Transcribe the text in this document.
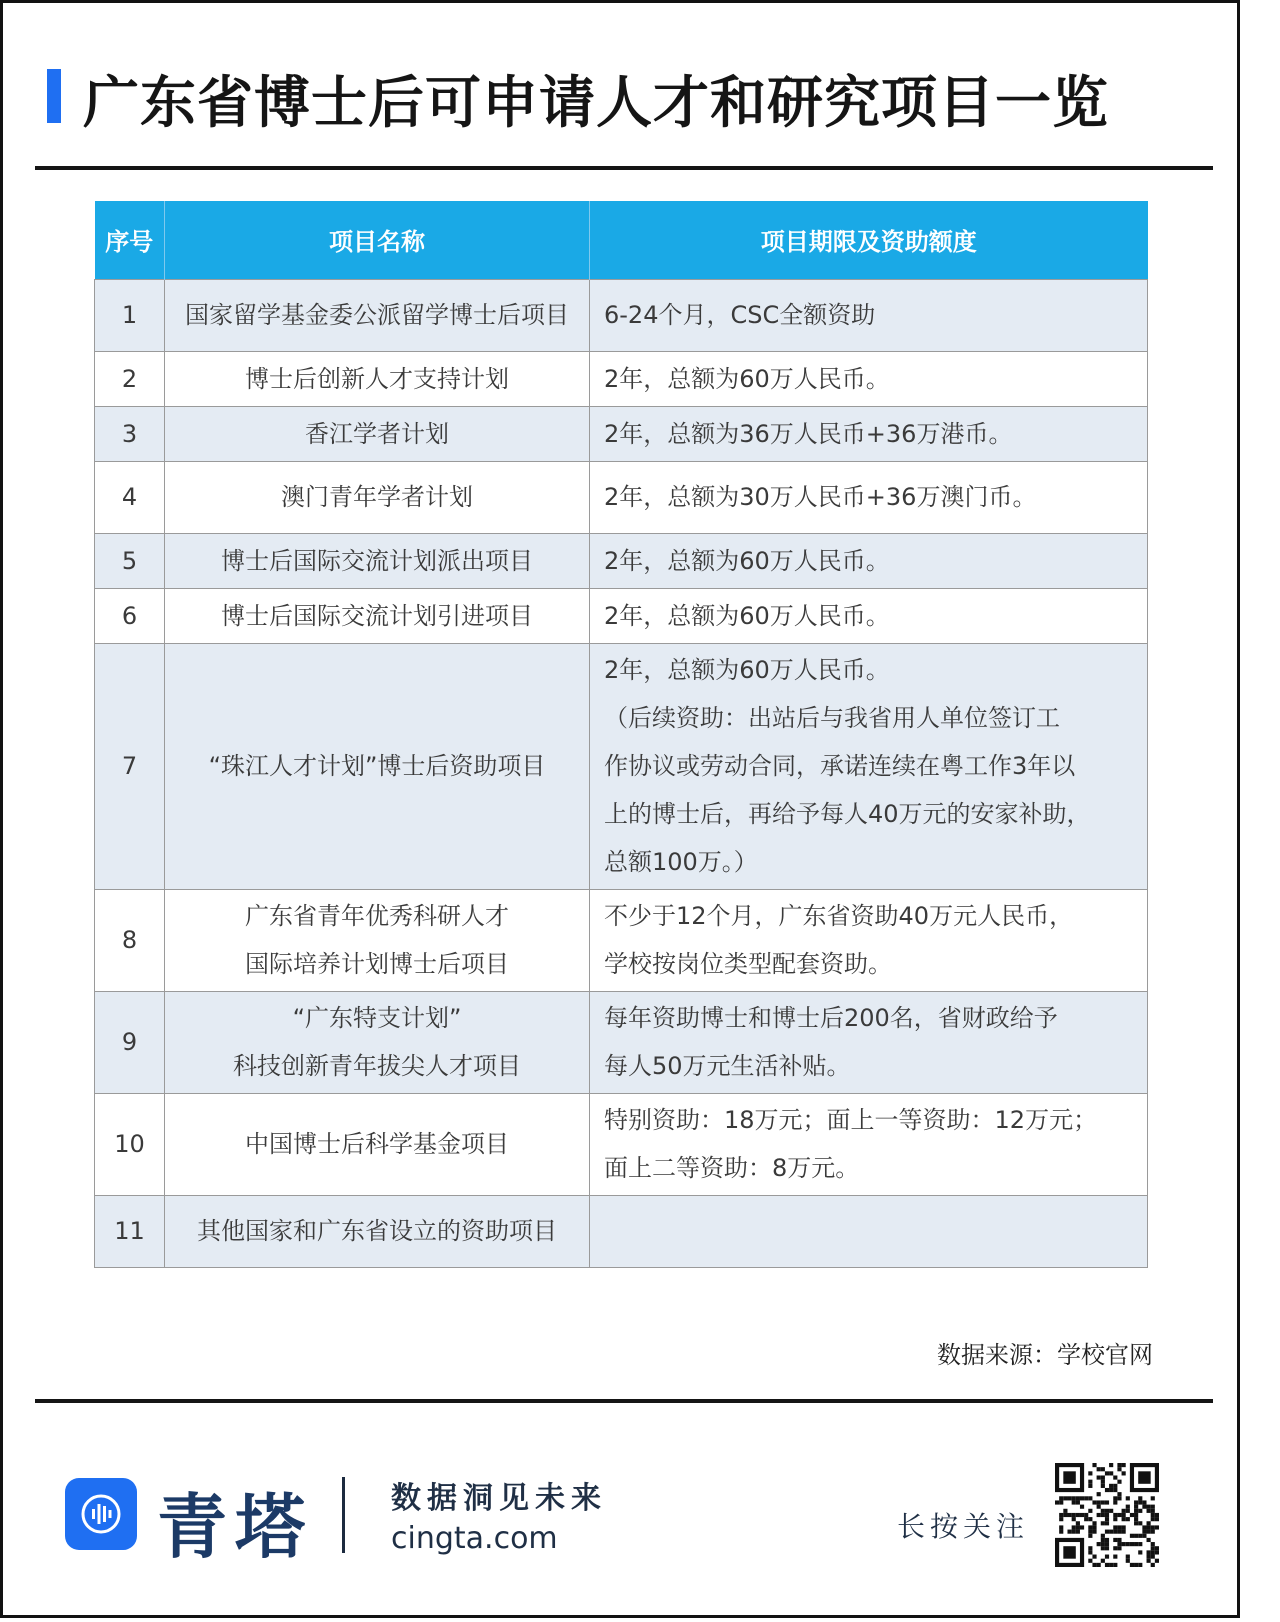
广东省博士后可申请人才和研究项目一览
序号	项目名称	项目期限及资助额度
1	国家留学基金委公派留学博士后项目	6-24个月，CSC全额资助

2	博士后创新人才支持计划	2年，总额为60万人民币。

3	香江学者计划	2年，总额为36万人民币+36万港币。

4	澳门青年学者计划	2年，总额为30万人民币+36万澳门币。

5	博士后国际交流计划派出项目	2年，总额为60万人民币。

6	博士后国际交流计划引进项目	2年，总额为60万人民币。

7	“珠江人才计划”博士后资助项目	2年，总额为60万人民币。
（后续资助：出站后与我省用人单位签订工
作协议或劳动合同，承诺连续在粤工作3年以
上的博士后，再给予每人40万元的安家补助，
总额100万。）

8	广东省青年优秀科研人才
国际培养计划博士后项目	不少于12个月，广东省资助40万元人民币，
学校按岗位类型配套资助。

9	“广东特支计划”
科技创新青年拔尖人才项目	每年资助博士和博士后200名，省财政给予
每人50万元生活补贴。

10	中国博士后科学基金项目	特别资助：18万元；面上一等资助：12万元；
面上二等资助：8万元。

11	其他国家和广东省设立的资助项目	

数据来源：学校官网
青塔	数据洞见未来
cingta.com	长按关注
